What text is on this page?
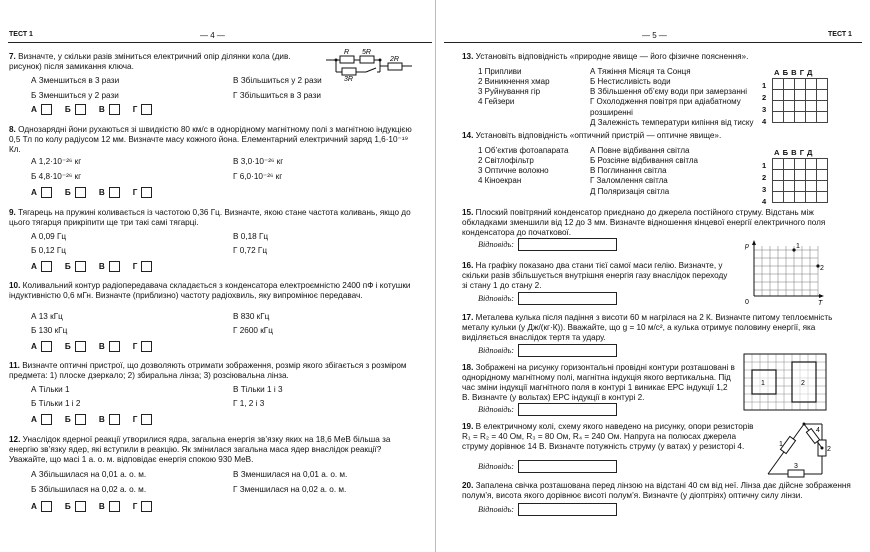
ТЕСТ 1	— 4 —
7. Визначте, у скільки разів зміниться електричний опір ділянки кола (див. рисунок) після замикання ключа.
R 5R
3R
2R
А Зменшиться в 3 рази	В Збільшиться у 2 рази
Б Зменшиться у 2 рази	Г Збільшиться в 3 рази
А	Б	В	Г
8. Однозарядні йони рухаються зі швидкістю 80 км/с в однорідному магнітному полі з магнітною індукцією 0,5 Тл по колу радіусом 12 мм. Визначте масу кожного йона. Елементарний електричний заряд 1,6·10⁻¹⁹ Кл.
А 1,2·10⁻²⁶ кг	В 3,0·10⁻²⁶ кг
Б 4,8·10⁻²⁶ кг	Г 6,0·10⁻²⁶ кг
А	Б	В	Г
9. Тягарець на пружині коливається із частотою 0,36 Гц. Визначте, якою стане частота коливань, якщо до цього тягарця прикріпити ще три такі самі тягарці.
А 0,09 Гц	В 0,18 Гц
Б 0,12 Гц	Г 0,72 Гц
А	Б	В	Г
10. Коливальний контур радіопередавача складається з конденсатора електроємністю 2400 пФ і котушки індуктивністю 0,6 мГн. Визначте (приблизно) частоту радіохвиль, яку випромінює передавач.
А 13 кГц	В 830 кГц
Б 130 кГц	Г 2600 кГц
А	Б	В	Г
11. Визначте оптичні пристрої, що дозволяють отримати зображення, розмір якого збігається з розміром предмета: 1) плоске дзеркало; 2) збиральна лінза; 3) розсіювальна лінза.
А Тільки 1	В Тільки 1 і 3
Б Тільки 1 і 2	Г 1, 2 і 3
А	Б	В	Г
12. Унаслідок ядерної реакції утворилися ядра, загальна енергія зв’язку яких на 18,6 МеВ більша за енергію зв’язку ядер, які вступили в реакцію. Як змінилася загальна маса ядер внаслідок реакції? Уважайте, що масі 1 а. о. м. відповідає енергія спокою 930 МеВ.
А Збільшилася на 0,01 а. о. м.	В Зменшилася на 0,01 а. о. м.
Б Збільшилася на 0,02 а. о. м.	Г Зменшилася на 0,02 а. о. м.
А	Б	В	Г
— 5 —	ТЕСТ 1
13. Установіть відповідність «природне явище — його фізичне пояснення».
1 Припливи
2 Виникнення хмар
3 Руйнування гір
4 Гейзери
А Тяжіння Місяця та Сонця
Б Нестисливість води
В Збільшення об’єму води при замерзанні
Г Охолодження повітря при адіабатному розширенні
Д Залежність температури кипіння від тиску
АБВГД
1
2
3
4

14. Установіть відповідність «оптичний пристрій — оптичне явище».
1 Об’єктив фотоапарата
2 Світлофільтр
3 Оптичне волокно
4 Кіноекран
А Повне відбивання світла
Б Розсіяне відбивання світла
В Поглинання світла
Г Заломлення світла
Д Поляризація світла
АБВГД
1
2
3
4

15. Плоский повітряний конденсатор приєднано до джерела постійного струму. Відстань між обкладками зменшили від 12 до 3 мм. Визначте відношення кінцевої енергії електричного поля конденсатора до початкової.
Відповідь:
16. На графіку показано два стани тієї самої маси гелію. Визначте, у скільки разів збільшується внутрішня енергія газу внаслідок переходу зі стану 1 до стану 2.
Відповідь:
p
T
0
1
2
17. Металева кулька після падіння з висоти 60 м нагрілася на 2 К. Визначте питому теплоємність металу кульки (у Дж/(кг·К)). Вважайте, що g = 10 м/с², а кулька отримує половину енергії, яка виділяється внаслідок тертя та удару.
Відповідь:
18. Зображені на рисунку горизонтальні провідні контури розташовані в однорідному магнітному полі, магнітна індукція якого вертикальна. Під час зміни індукції магнітного поля в контурі 1 виникає ЕРС індукції 1,2 В. Визначте (у вольтах) ЕРС індукції в контурі 2.
Відповідь:
1	2
19. В електричному колі, схему якого наведено на рисунку, опори резисторів R₁ = R₂ = 40 Ом, R₃ = 80 Ом, R₄ = 240 Ом. Напруга на полюсах джерела струму дорівнює 14 В. Визначте потужність струму (у ватах) у резисторі 4.
Відповідь:
1
2
3
4
20. Запалена свічка розташована перед лінзою на відстані 40 см від неї. Лінза дає дійсне зображення полум’я, висота якого дорівнює висоті полум’я. Визначте (у діоптріях) оптичну силу лінзи.
Відповідь:
